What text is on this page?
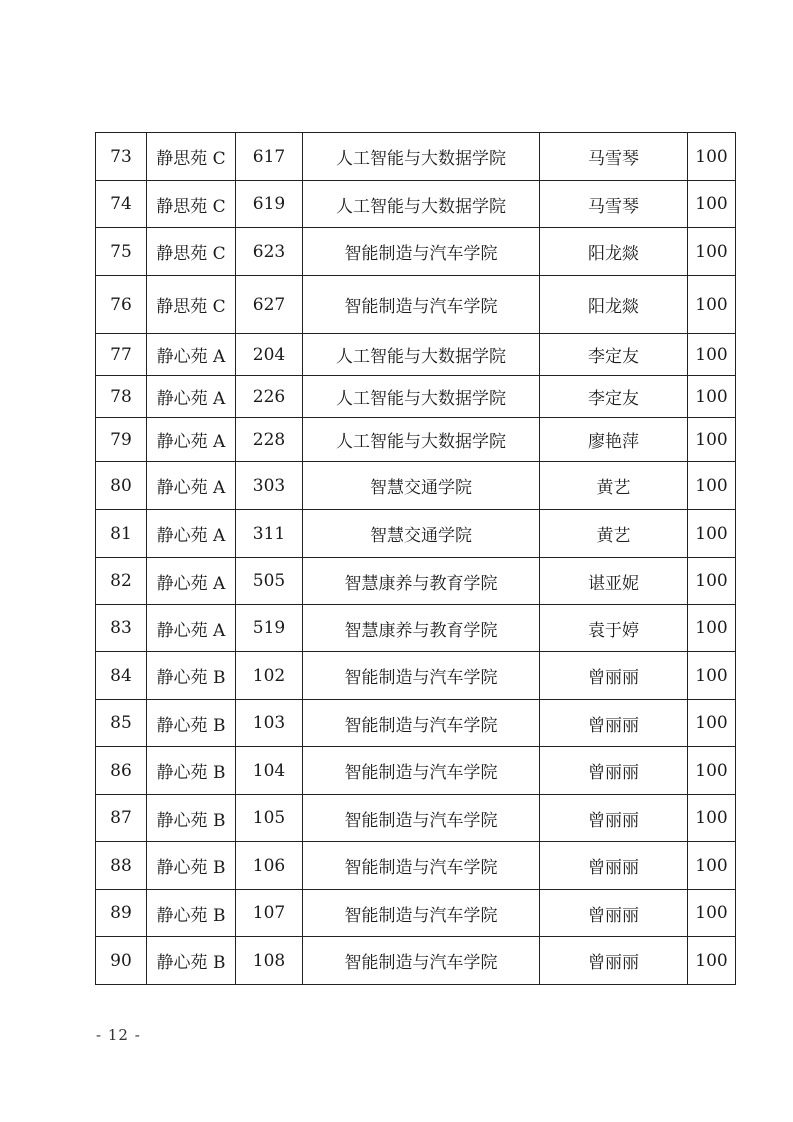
73	静思苑 C	617	人工智能与大数据学院	马雪琴	100
74	静思苑 C	619	人工智能与大数据学院	马雪琴	100
75	静思苑 C	623	智能制造与汽车学院	阳龙燚	100
76	静思苑 C	627	智能制造与汽车学院	阳龙燚	100
77	静心苑 A	204	人工智能与大数据学院	李定友	100
78	静心苑 A	226	人工智能与大数据学院	李定友	100
79	静心苑 A	228	人工智能与大数据学院	廖艳萍	100
80	静心苑 A	303	智慧交通学院	黄艺	100
81	静心苑 A	311	智慧交通学院	黄艺	100
82	静心苑 A	505	智慧康养与教育学院	谌亚妮	100
83	静心苑 A	519	智慧康养与教育学院	袁于婷	100
84	静心苑 B	102	智能制造与汽车学院	曾丽丽	100
85	静心苑 B	103	智能制造与汽车学院	曾丽丽	100
86	静心苑 B	104	智能制造与汽车学院	曾丽丽	100
87	静心苑 B	105	智能制造与汽车学院	曾丽丽	100
88	静心苑 B	106	智能制造与汽车学院	曾丽丽	100
89	静心苑 B	107	智能制造与汽车学院	曾丽丽	100
90	静心苑 B	108	智能制造与汽车学院	曾丽丽	100
- 12 -
